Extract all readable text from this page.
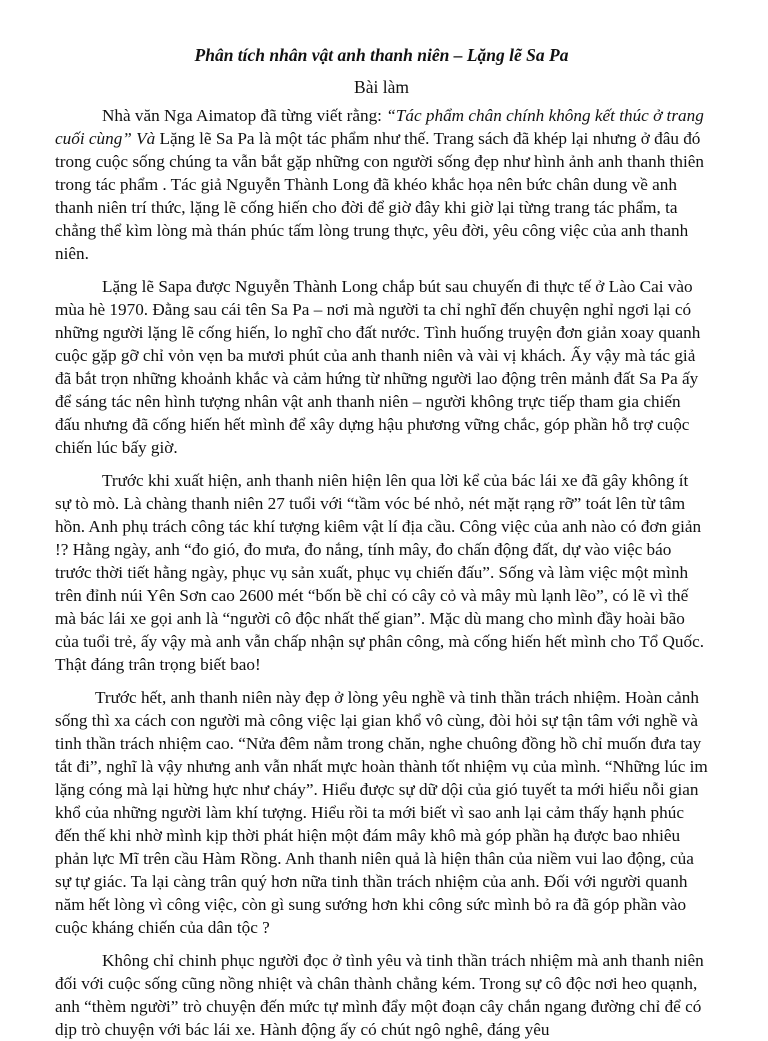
Phân tích nhân vật anh thanh niên – Lặng lẽ Sa Pa
Bài làm

Nhà văn Nga Aimatop đã từng viết rằng: “Tác phẩm chân chính không kết thúc ở trang cuối cùng” Và Lặng lẽ Sa Pa là một tác phẩm như thế. Trang sách đã khép lại nhưng ở đâu đó trong cuộc sống chúng ta vẫn bắt gặp những con người sống đẹp như hình ảnh anh thanh thiên trong tác phẩm . Tác giả Nguyễn Thành Long đã khéo khắc họa nên bức chân dung về anh thanh niên trí thức, lặng lẽ cống hiến cho đời để giờ đây khi giờ lại từng trang tác phẩm, ta chẳng thể kìm lòng mà thán phúc tấm lòng trung thực, yêu đời, yêu công việc của anh thanh niên.

Lặng lẽ Sapa được Nguyễn Thành Long chắp bút sau chuyến đi thực tế ở Lào Cai vào mùa hè 1970. Đằng sau cái tên Sa Pa – nơi mà người ta chỉ nghĩ đến chuyện nghỉ ngơi lại có những người lặng lẽ cống hiến, lo nghĩ cho đất nước. Tình huống truyện đơn giản xoay quanh cuộc gặp gỡ chỉ vỏn vẹn ba mươi phút của anh thanh niên và vài vị khách. Ấy vậy mà tác giả đã bắt trọn những khoảnh khắc và cảm hứng từ những người lao động trên mảnh đất Sa Pa ấy để sáng tác nên hình tượng nhân vật anh thanh niên – người không trực tiếp tham gia chiến đấu nhưng đã cống hiến hết mình để xây dựng hậu phương vững chắc, góp phần hỗ trợ cuộc chiến lúc bấy giờ.

Trước khi xuất hiện, anh thanh niên hiện lên qua lời kể của bác lái xe đã gây không ít sự tò mò. Là chàng thanh niên 27 tuổi với “tầm vóc bé nhỏ, nét mặt rạng rỡ” toát lên từ tâm hồn. Anh phụ trách công tác khí tượng kiêm vật lí địa cầu. Công việc của anh nào có đơn giản !? Hằng ngày, anh “đo gió, đo mưa, đo nắng, tính mây, đo chấn động đất, dự vào việc báo trước thời tiết hằng ngày, phục vụ sản xuất, phục vụ chiến đấu”. Sống và làm việc một mình trên đỉnh núi Yên Sơn cao 2600 mét “bốn bề chỉ có cây cỏ và mây mù lạnh lẽo”, có lẽ vì thế mà bác lái xe gọi anh là “người cô độc nhất thế gian”. Mặc dù mang cho mình đầy hoài bão của tuổi trẻ, ấy vậy mà anh vẫn chấp nhận sự phân công, mà cống hiến hết mình cho Tổ Quốc. Thật đáng trân trọng biết bao!

Trước hết, anh thanh niên này đẹp ở lòng yêu nghề và tinh thần trách nhiệm. Hoàn cảnh sống thì xa cách con người mà công việc lại gian khổ vô cùng, đòi hỏi sự tận tâm với nghề và tinh thần trách nhiệm cao. “Nửa đêm nằm trong chăn, nghe chuông đồng hồ chỉ muốn đưa tay tắt đi”, nghĩ là vậy nhưng anh vẫn nhất mực hoàn thành tốt nhiệm vụ của mình. “Những lúc im lặng cóng mà lại hừng hực như cháy”. Hiểu được sự dữ dội của gió tuyết ta mới hiểu nỗi gian khổ của những người làm khí tượng. Hiểu rồi ta mới biết vì sao anh lại cảm thấy hạnh phúc đến thế khi nhờ mình kịp thời phát hiện một đám mây khô mà góp phần hạ được bao nhiêu phản lực Mĩ trên cầu Hàm Rồng. Anh thanh niên quả là hiện thân của niềm vui lao động, của sự tự giác. Ta lại càng trân quý hơn nữa tinh thần trách nhiệm của anh. Đối với người quanh năm hết lòng vì công việc, còn gì sung sướng hơn khi công sức mình bỏ ra đã góp phần vào cuộc kháng chiến của dân tộc ?

Không chỉ chinh phục người đọc ở tình yêu và tinh thần trách nhiệm mà anh thanh niên đối với cuộc sống cũng nồng nhiệt và chân thành chẳng kém. Trong sự cô độc nơi heo quạnh, anh “thèm người” trò chuyện đến mức tự mình đẩy một đoạn cây chắn ngang đường chỉ để có dịp trò chuyện với bác lái xe. Hành động ấy có chút ngô nghê, đáng yêu
